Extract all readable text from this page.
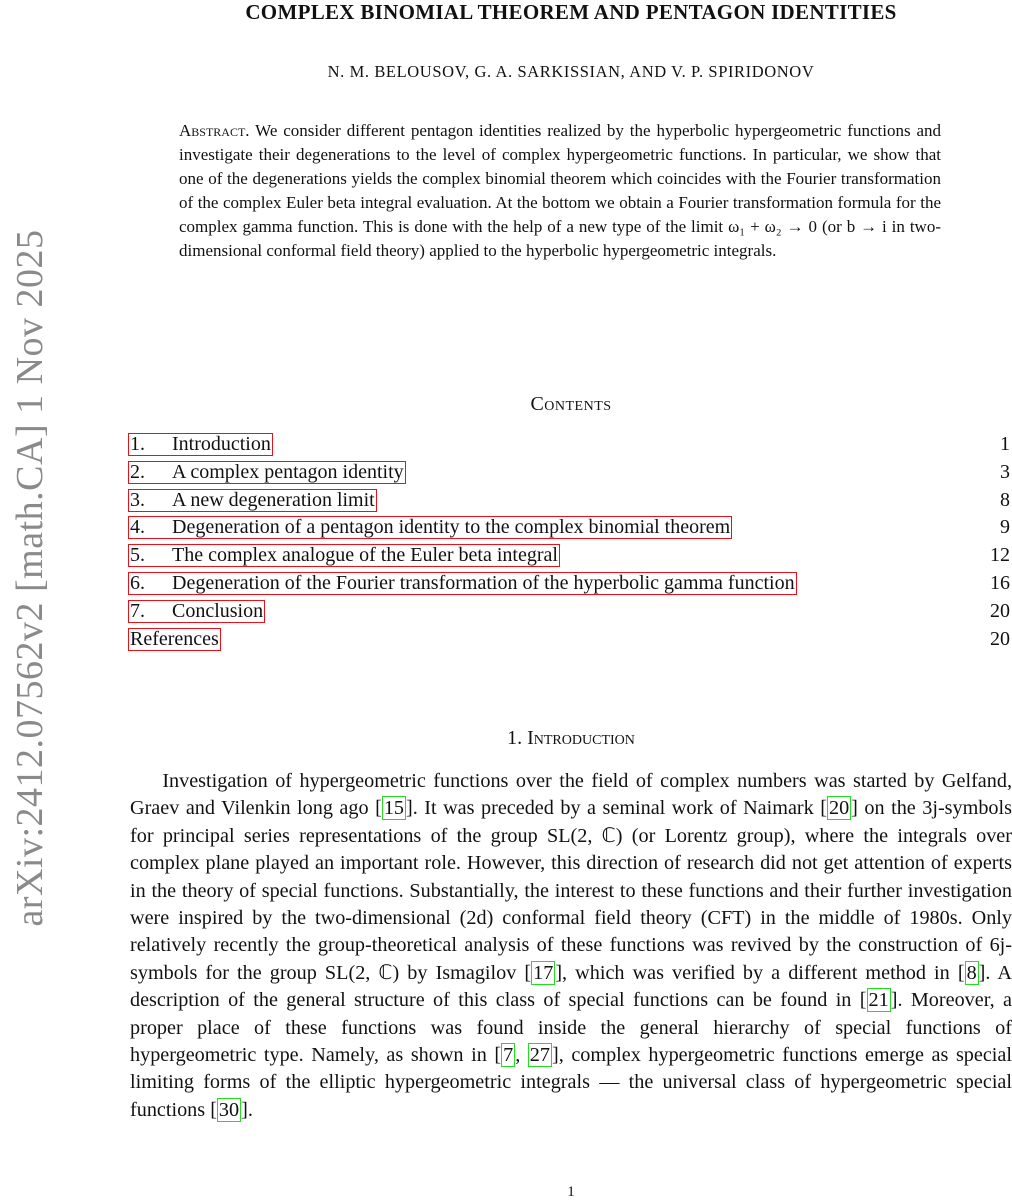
arXiv:2412.07562v2 [math.CA] 1 Nov 2025
COMPLEX BINOMIAL THEOREM AND PENTAGON IDENTITIES
N. M. BELOUSOV, G. A. SARKISSIAN, AND V. P. SPIRIDONOV
Abstract. We consider different pentagon identities realized by the hyperbolic hypergeometric functions and investigate their degenerations to the level of complex hypergeometric functions. In particular, we show that one of the degenerations yields the complex binomial theorem which coincides with the Fourier transformation of the complex Euler beta integral evaluation. At the bottom we obtain a Fourier transformation formula for the complex gamma function. This is done with the help of a new type of the limit ω₁ + ω₂ → 0 (or b → i in two-dimensional conformal field theory) applied to the hyperbolic hypergeometric integrals.
Contents
1. Introduction	1
2. A complex pentagon identity	3
3. A new degeneration limit	8
4. Degeneration of a pentagon identity to the complex binomial theorem	9
5. The complex analogue of the Euler beta integral	12
6. Degeneration of the Fourier transformation of the hyperbolic gamma function	16
7. Conclusion	20
References	20
1. Introduction
Investigation of hypergeometric functions over the field of complex numbers was started by Gelfand, Graev and Vilenkin long ago [15]. It was preceded by a seminal work of Naimark [20] on the 3j-symbols for principal series representations of the group SL(2, ℂ) (or Lorentz group), where the integrals over complex plane played an important role. However, this direction of research did not get attention of experts in the theory of special functions. Substantially, the interest to these functions and their further investigation were inspired by the two-dimensional (2d) conformal field theory (CFT) in the middle of 1980s. Only relatively recently the group-theoretical analysis of these functions was revived by the construction of 6j-symbols for the group SL(2, ℂ) by Ismagilov [17], which was verified by a different method in [8]. A description of the general structure of this class of special functions can be found in [21]. Moreover, a proper place of these functions was found inside the general hierarchy of special functions of hypergeometric type. Namely, as shown in [7, 27], complex hypergeometric functions emerge as special limiting forms of the elliptic hypergeometric integrals — the universal class of hypergeometric special functions [30].
1
